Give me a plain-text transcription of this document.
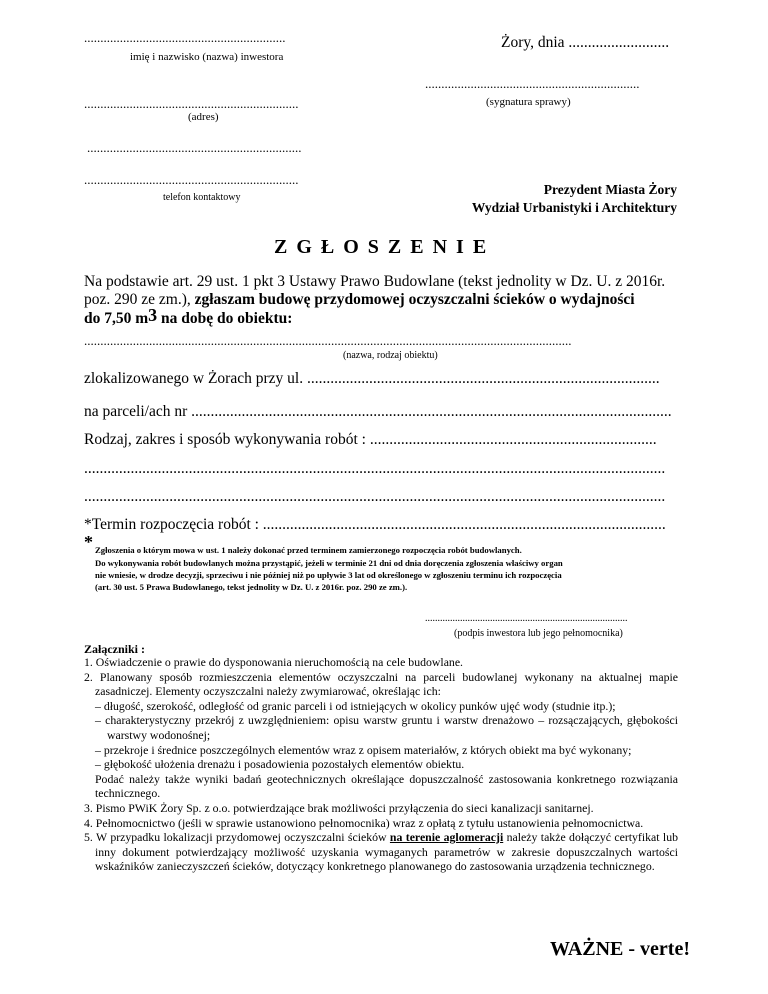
..............................................................
imię i nazwisko (nazwa) inwestora
Żory, dnia ..........................
..................................................................
(sygnatura sprawy)
..................................................................
(adres)
..................................................................
..................................................................
telefon kontaktowy
Prezydent Miasta Żory
Wydział Urbanistyki i Architektury
Z G Ł O S Z E N I E
Na podstawie art. 29 ust. 1 pkt 3 Ustawy Prawo Budowlane (tekst jednolity w Dz. U. z 2016r.
poz. 290 ze zm.), zgłaszam budowę przydomowej oczyszczalni ścieków o wydajności
do 7,50 m3 na dobę do obiektu:
......................................................................................................................................................
(nazwa, rodzaj obiektu)
zlokalizowanego w Żorach przy ul. ...........................................................................................
na parceli/ach nr ............................................................................................................................
Rodzaj, zakres i sposób wykonywania robót : ..........................................................................
......................................................................................................................................................
......................................................................................................................................................
*Termin rozpoczęcia robót : ........................................................................................................
* Zgłoszenia o którym mowa w ust. 1 należy dokonać przed terminem zamierzonego rozpoczęcia robót budowlanych.
Do wykonywania robót budowlanych można przystąpić, jeżeli w terminie 21 dni od dnia doręczenia zgłoszenia właściwy organ
nie wniesie, w drodze decyzji, sprzeciwu i nie później niż po upływie 3 lat od określonego w zgłoszeniu terminu ich rozpoczęcia
(art. 30 ust. 5 Prawa Budowlanego, tekst jednolity w Dz. U. z 2016r. poz. 290 ze zm.).
.................................................................................
(podpis inwestora lub jego pełnomocnika)
Załączniki :
1. Oświadczenie o prawie do dysponowania nieruchomością na cele budowlane.
2. Planowany sposób rozmieszczenia elementów oczyszczalni na parceli budowlanej wykonany na aktualnej mapie zasadniczej. Elementy oczyszczalni należy zwymiarować, określając ich:
– długość, szerokość, odległość od granic parceli i od istniejących w okolicy punków ujęć wody (studnie itp.);
– charakterystyczny przekrój z uwzględnieniem: opisu warstw gruntu i warstw drenażowo – rozsączających, głębokości warstwy wodonośnej;
– przekroje i średnice poszczególnych elementów wraz z opisem materiałów, z których obiekt ma być wykonany;
– głębokość ułożenia drenażu i posadowienia pozostałych elementów obiektu.
Podać należy także wyniki badań geotechnicznych określające dopuszczalność zastosowania konkretnego rozwiązania technicznego.
3. Pismo PWiK Żory Sp. z o.o. potwierdzające brak możliwości przyłączenia do sieci kanalizacji sanitarnej.
4. Pełnomocnictwo (jeśli w sprawie ustanowiono pełnomocnika) wraz z opłatą z tytułu ustanowienia pełnomocnictwa.
5. W przypadku lokalizacji przydomowej oczyszczalni ścieków na terenie aglomeracji należy także dołączyć certyfikat lub inny dokument potwierdzający możliwość uzyskania wymaganych parametrów w zakresie dopuszczalnych wartości wskaźników zanieczyszczeń ścieków, dotyczący konkretnego planowanego do zastosowania urządzenia technicznego.
WAŻNE - verte!
